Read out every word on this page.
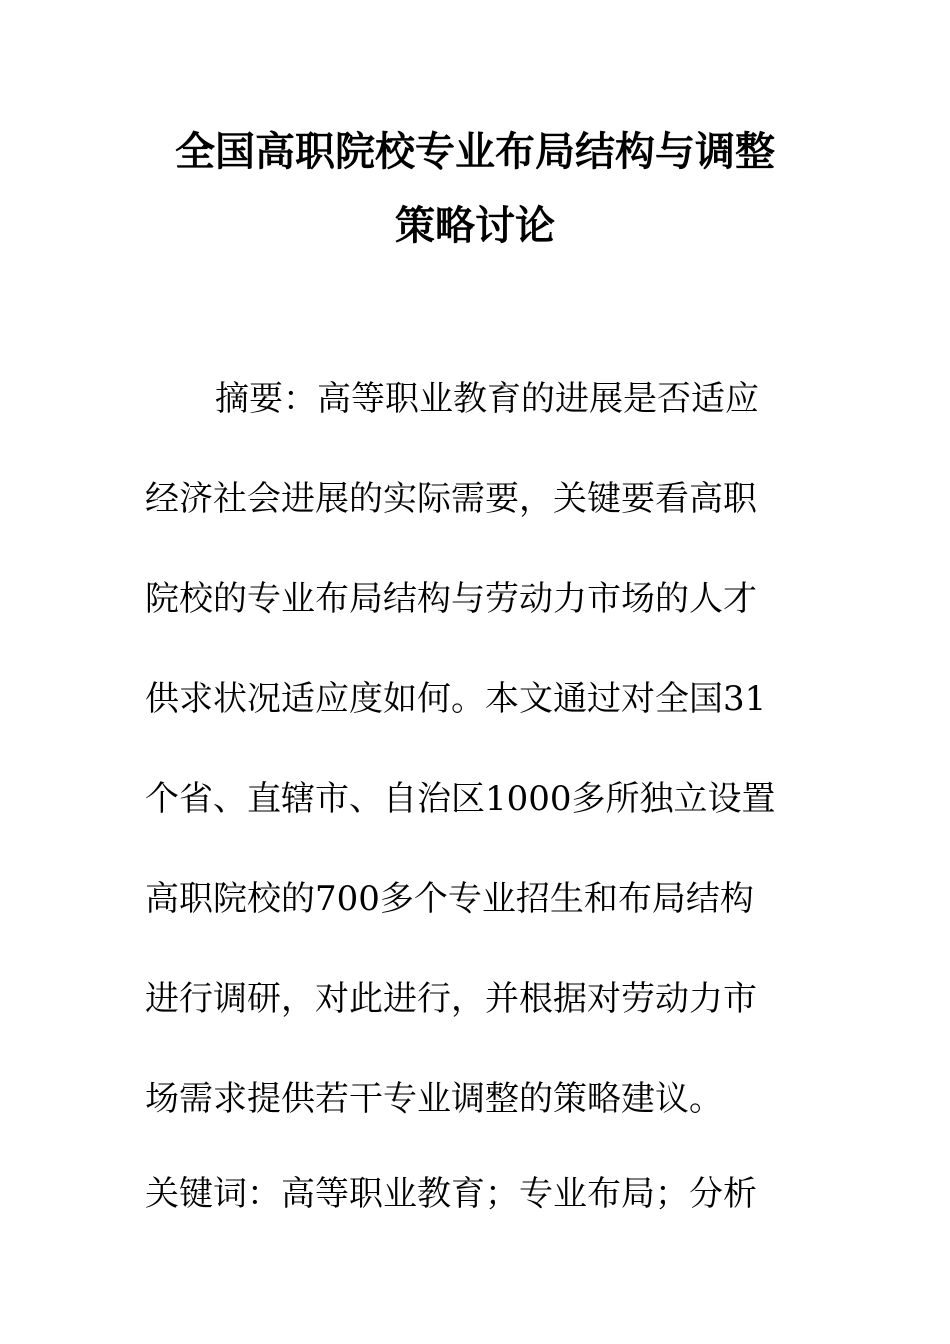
全国高职院校专业布局结构与调整
策略讨论
摘要：高等职业教育的进展是否适应
经济社会进展的实际需要，关键要看高职
院校的专业布局结构与劳动力市场的人才
供求状况适应度如何。本文通过对全国31
个省、直辖市、自治区1000多所独立设置
高职院校的700多个专业招生和布局结构
进行调研，对此进行，并根据对劳动力市
场需求提供若干专业调整的策略建议。
关键词：高等职业教育；专业布局；分析
